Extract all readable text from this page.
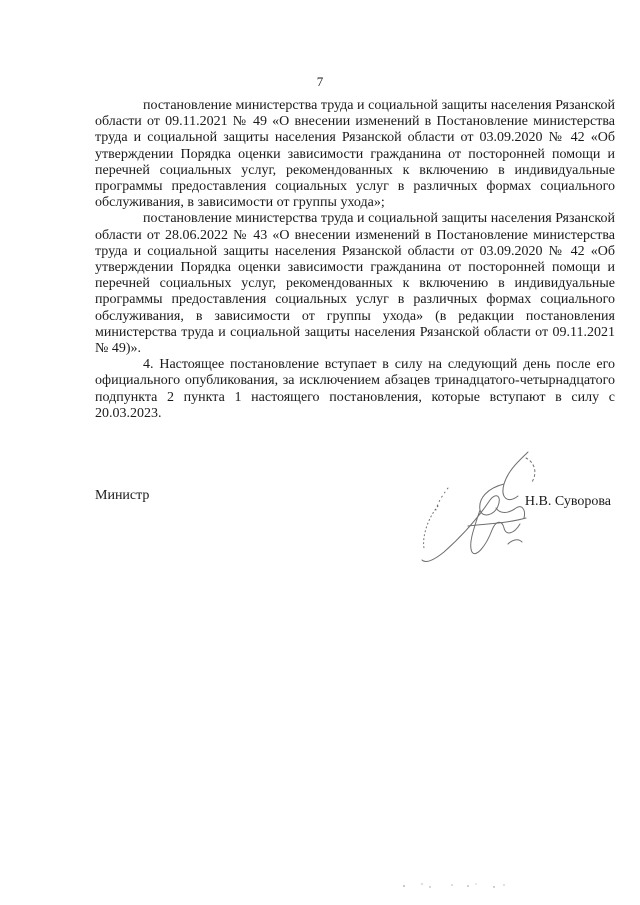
7

постановление министерства труда и социальной защиты населения Рязанской области от 09.11.2021 № 49 «О внесении изменений в Постановление министерства труда и социальной защиты населения Рязанской области от 03.09.2020 № 42 «Об утверждении Порядка оценки зависимости гражданина от посторонней помощи и перечней социальных услуг, рекомендованных к включению в индивидуальные программы предоставления социальных услуг в различных формах социального обслуживания, в зависимости от группы ухода»;

постановление министерства труда и социальной защиты населения Рязанской области от 28.06.2022 № 43 «О внесении изменений в Постановление министерства труда и социальной защиты населения Рязанской области от 03.09.2020 № 42 «Об утверждении Порядка оценки зависимости гражданина от посторонней помощи и перечней социальных услуг, рекомендованных к включению в индивидуальные программы предоставления социальных услуг в различных формах социального обслуживания, в зависимости от группы ухода» (в редакции постановления министерства труда и социальной защиты населения Рязанской области от 09.11.2021 № 49)».

4. Настоящее постановление вступает в силу на следующий день после его официального опубликования, за исключением абзацев тринадцатого-четырнадцатого подпункта 2 пункта 1 настоящего постановления, которые вступают в силу с 20.03.2023.

Министр	Н.В. Суворова
